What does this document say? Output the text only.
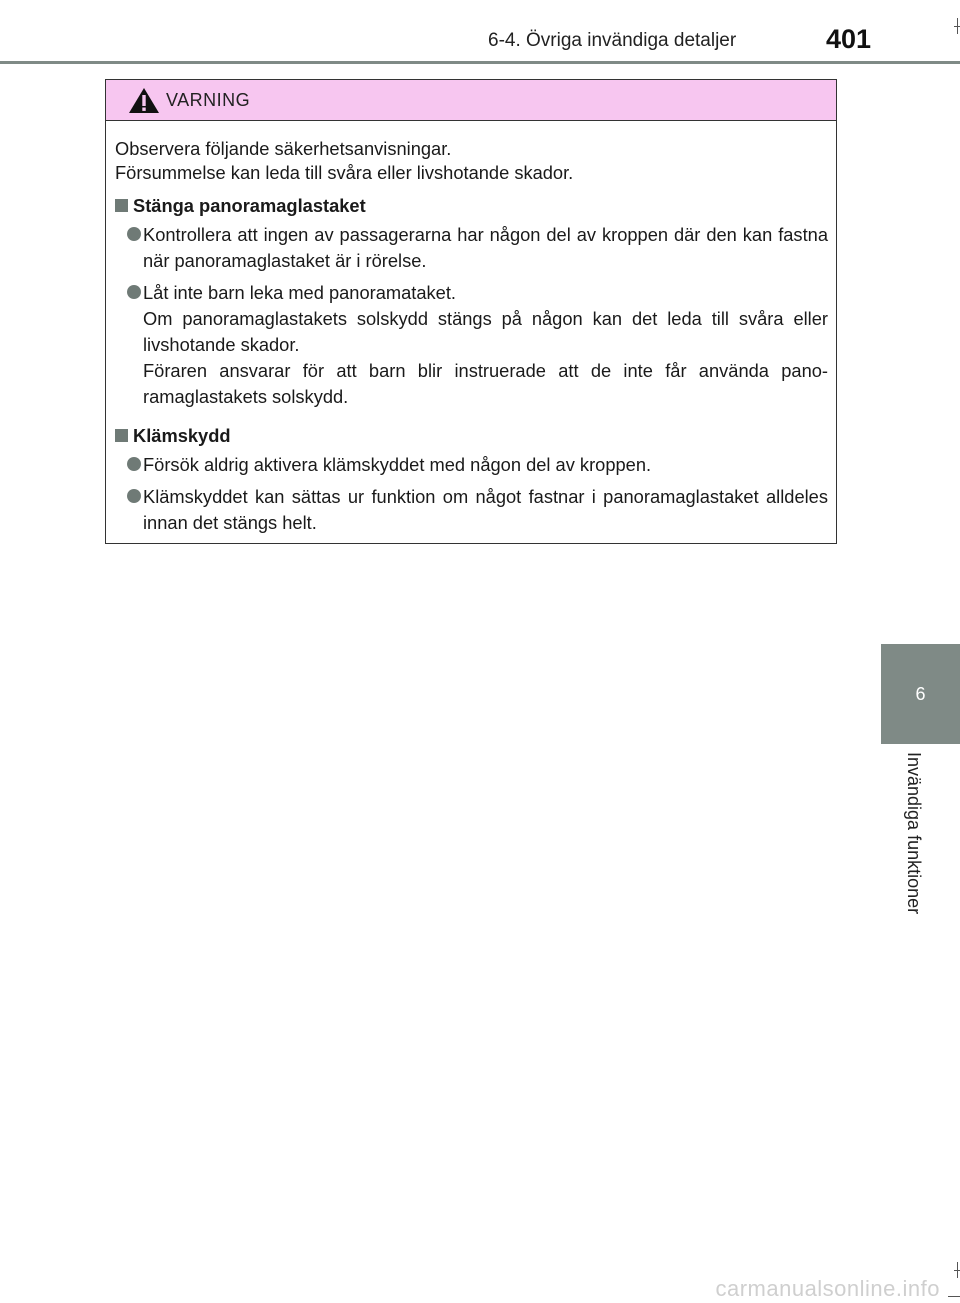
6-4. Övriga invändiga detaljer	401
VARNING

Observera följande säkerhetsanvisningar.

Försummelse kan leda till svåra eller livshotande skador.

Stänga panoramaglastaket

Kontrollera att ingen av passagerarna har någon del av kroppen där den kan fastna när panoramaglastaket är i rörelse.

Låt inte barn leka med panoramataket.

Om panoramaglastakets solskydd stängs på någon kan det leda till svåra eller livshotande skador.

Föraren ansvarar för att barn blir instruerade att de inte får använda pano-ramaglastakets solskydd.

Klämskydd

Försök aldrig aktivera klämskyddet med någon del av kroppen.

Klämskyddet kan sättas ur funktion om något fastnar i panoramaglastaket alldeles innan det stängs helt.

6
Invändiga funktioner
carmanualsonline.info
